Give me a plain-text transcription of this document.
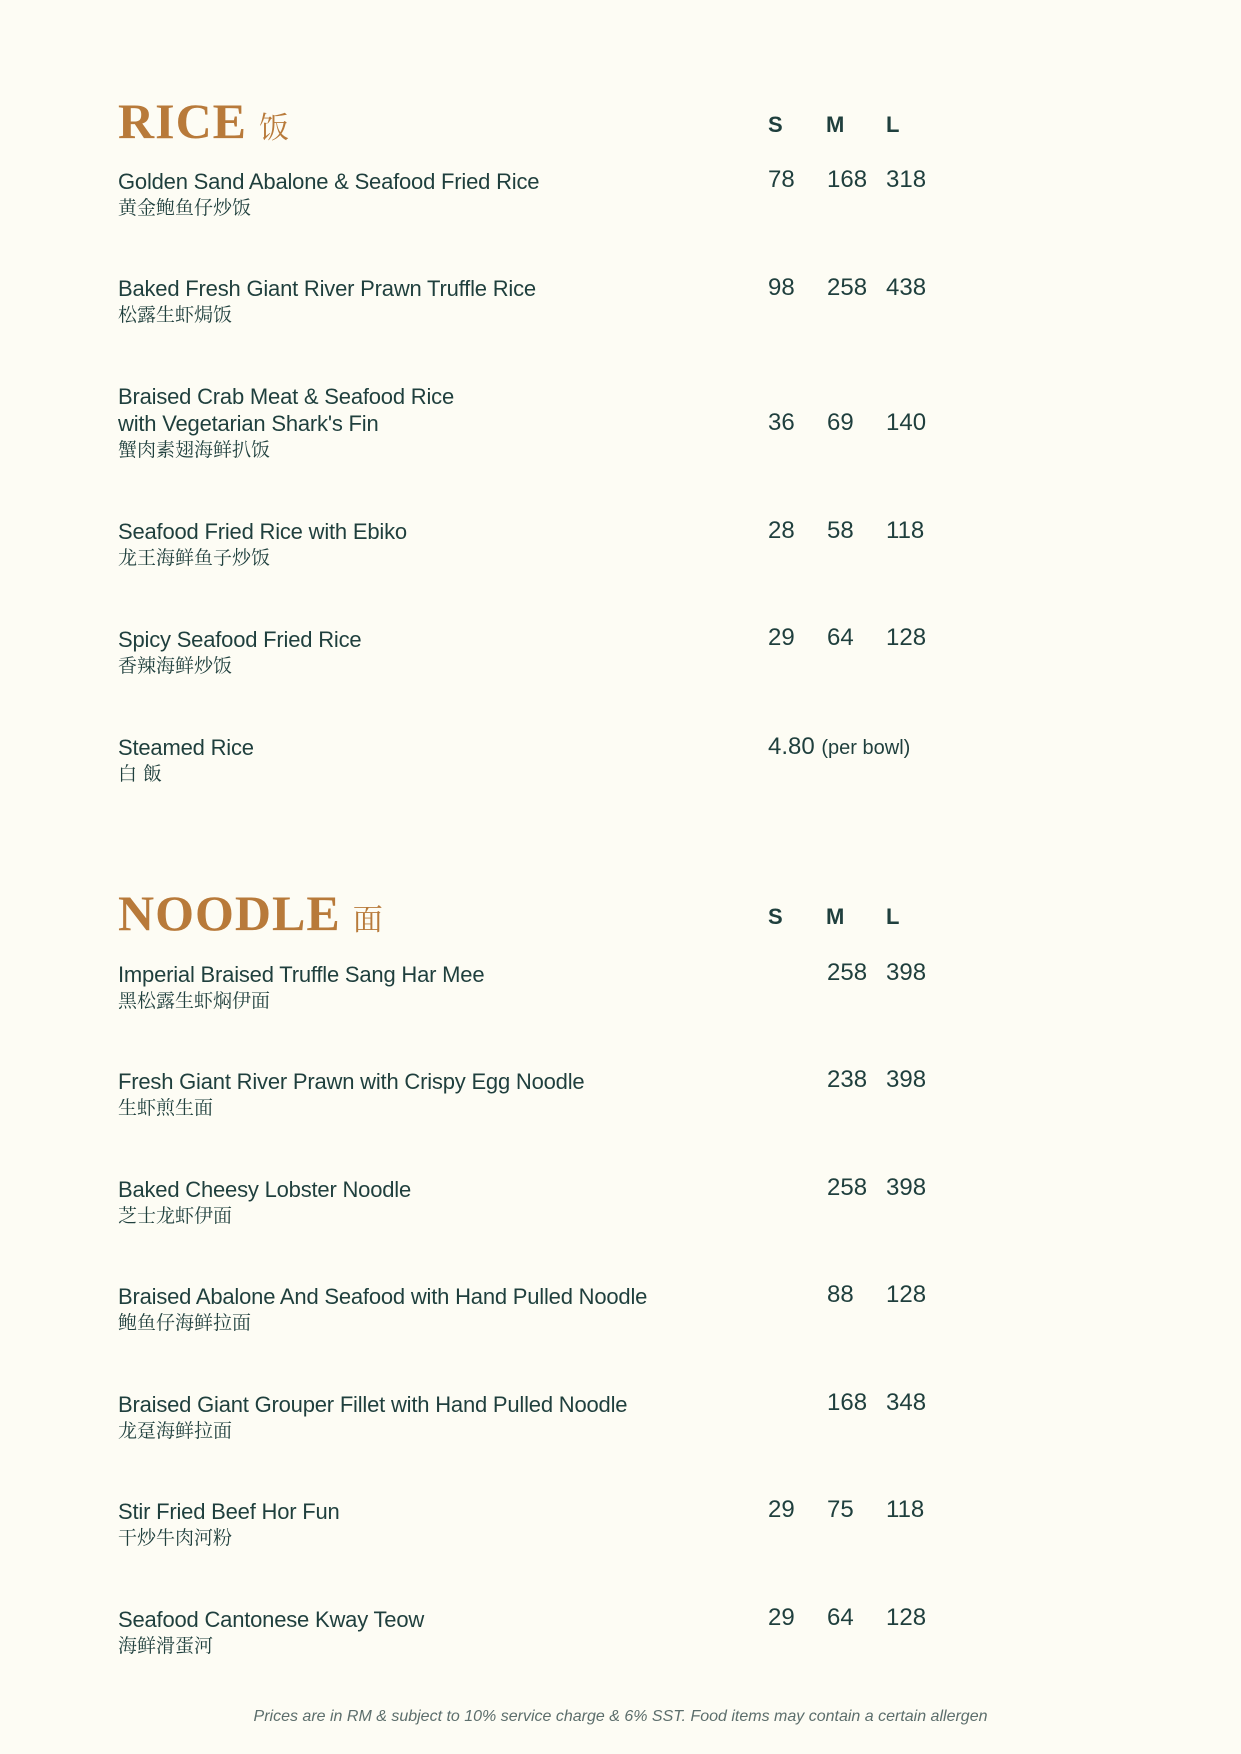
RICE 饭	S M L
Golden Sand Abalone & Seafood Fried Rice
黄金鲍鱼仔炒饭
78 168 318
Baked Fresh Giant River Prawn Truffle Rice
松露生虾焗饭
98 258 438
Braised Crab Meat & Seafood Rice
with Vegetarian Shark's Fin
蟹肉素翅海鲜扒饭
36 69 140
Seafood Fried Rice with Ebiko
龙王海鲜鱼子炒饭
28 58 118
Spicy Seafood Fried Rice
香辣海鲜炒饭
29 64 128
Steamed Rice
白 飯
4.80 (per bowl)
NOODLE 面	S M L
Imperial Braised Truffle Sang Har Mee
黑松露生虾焖伊面
258 398
Fresh Giant River Prawn with Crispy Egg Noodle
生虾煎生面
238 398
Baked Cheesy Lobster Noodle
芝士龙虾伊面
258 398
Braised Abalone And Seafood with Hand Pulled Noodle
鲍鱼仔海鲜拉面
88 128
Braised Giant Grouper Fillet with Hand Pulled Noodle
龙趸海鲜拉面
168 348
Stir Fried Beef Hor Fun
干炒牛肉河粉
29 75 118
Seafood Cantonese Kway Teow
海鲜滑蛋河
29 64 128
Prices are in RM & subject to 10% service charge & 6% SST. Food items may contain a certain allergen
